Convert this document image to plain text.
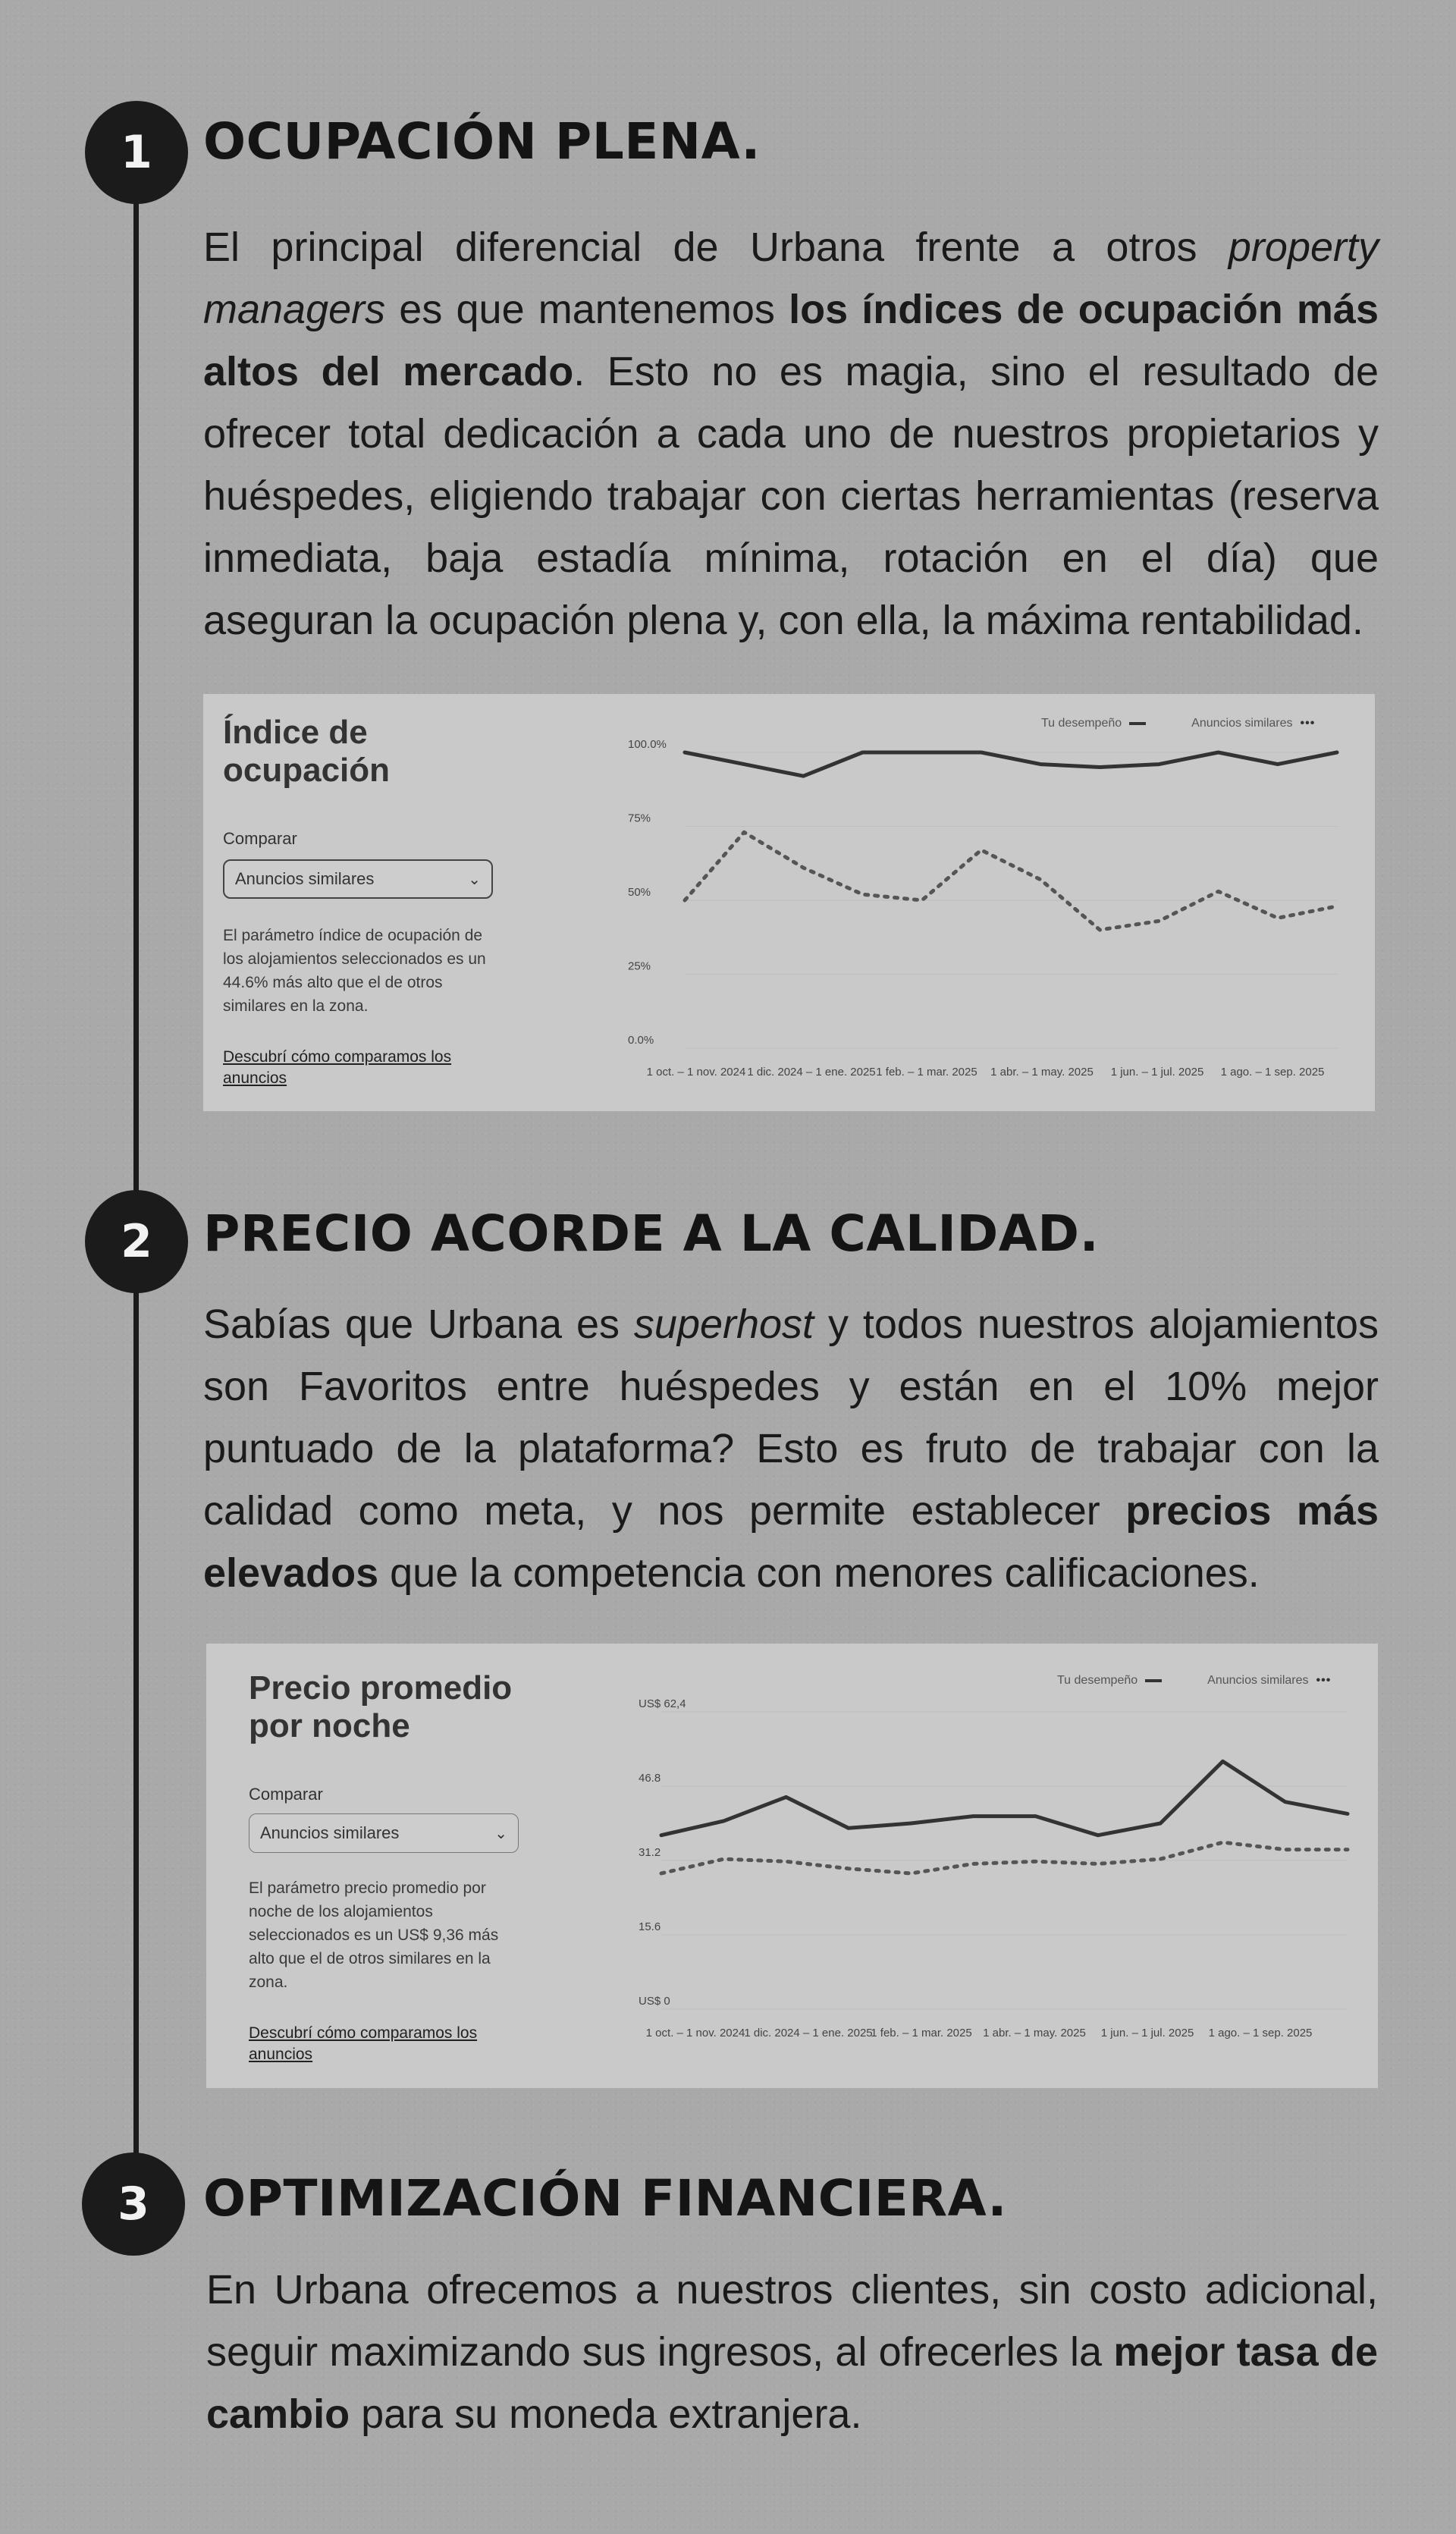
1 OCUPACIÓN PLENA.

El principal diferencial de Urbana frente a otros property managers es que mantenemos los índices de ocupación más altos del mercado. Esto no es magia, sino el resultado de ofrecer total dedicación a cada uno de nuestros propietarios y huéspedes, eligiendo trabajar con ciertas herramientas (reserva inmediata, baja estadía mínima, rotación en el día) que aseguran la ocupación plena y, con ella, la máxima rentabilidad.

Índice de
ocupación
Comparar
Anuncios similares	⌄

El parámetro índice de ocupación de los alojamientos seleccionados es un 44.6% más alto que el de otros similares en la zona.

Descubrí cómo comparamos los anuncios
Tu desempeño	Anuncios similares •••
100.0%
75%
50%
25%
0.0%
1 oct. – 1 nov. 2024 1 dic. 2024 – 1 ene. 2025 1 feb. – 1 mar. 2025 1 abr. – 1 may. 2025 1 jun. – 1 jul. 2025 1 ago. – 1 sep. 2025
2 PRECIO ACORDE A LA CALIDAD.

Sabías que Urbana es superhost y todos nuestros alojamientos son Favoritos entre huéspedes y están en el 10% mejor puntuado de la plataforma? Esto es fruto de trabajar con la calidad como meta, y nos permite establecer precios más elevados que la competencia con menores calificaciones.

Precio promedio
por noche
Comparar
Anuncios similares	⌄

El parámetro precio promedio por noche de los alojamientos seleccionados es un US$ 9,36 más alto que el de otros similares en la zona.

Descubrí cómo comparamos los anuncios
Tu desempeño	Anuncios similares •••
US$ 62,4
46.8
31.2
15.6
US$ 0
1 oct. – 1 nov. 2024 1 dic. 2024 – 1 ene. 2025
1 feb. – 1 mar. 2025 1 abr. – 1 may. 2025 1 jun. – 1 jul. 2025 1 ago. – 1 sep. 2025
3 OPTIMIZACIÓN FINANCIERA.

En Urbana ofrecemos a nuestros clientes, sin costo adicional, seguir maximizando sus ingresos, al ofrecerles la mejor tasa de cambio para su moneda extranjera.
